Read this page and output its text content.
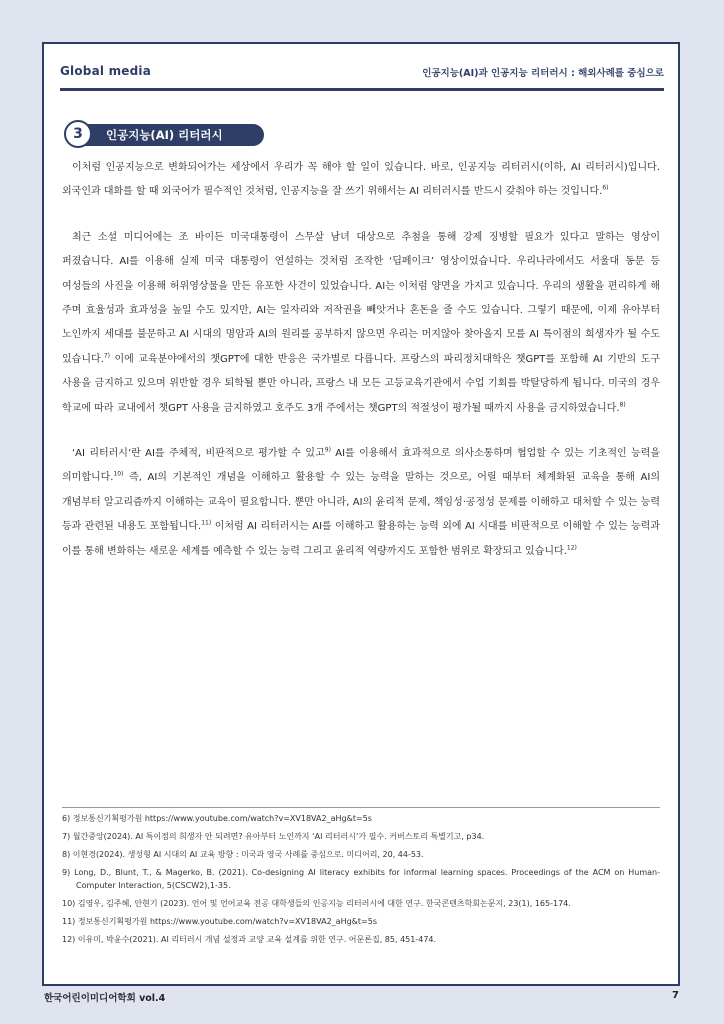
Global media	인공지능(AI)과 인공지능 리터러시 : 해외사례를 중심으로
3	인공지능(AI) 리터러시

이처럼 인공지능으로 변화되어가는 세상에서 우리가 꼭 해야 할 일이 있습니다. 바로, 인공지능 리터러시(이하, AI 리터러시)입니다. 외국인과 대화를 할 때 외국어가 필수적인 것처럼, 인공지능을 잘 쓰기 위해서는 AI 리터러시를 반드시 갖춰야 하는 것입니다.$^{6)}$

최근 소셜 미디어에는 조 바이든 미국대통령이 스무살 남녀 대상으로 추첨을 통해 강제 징병할 필요가 있다고 말하는 영상이 퍼졌습니다. AI를 이용해 실제 미국 대통령이 연설하는 것처럼 조작한 ‘딥페이크’ 영상이었습니다. 우리나라에서도 서울대 동문 등 여성들의 사진을 이용해 허위영상물을 만든 유포한 사건이 있었습니다. AI는 이처럼 양면을 가지고 있습니다. 우리의 생활을 편리하게 해 주며 효율성과 효과성을 높일 수도 있지만, AI는 일자리와 저작권을 빼앗거나 혼돈을 줄 수도 있습니다. 그렇기 때문에, 이제 유아부터 노인까지 세대를 불문하고 AI 시대의 명암과 AI의 원리를 공부하지 않으면 우리는 머지않아 찾아올지 모를 AI 특이점의 희생자가 될 수도 있습니다.$^{7)}$ 이에 교육분야에서의 챗GPT에 대한 반응은 국가별로 다릅니다. 프랑스의 파리정치대학은 챗GPT를 포함해 AI 기반의 도구 사용을 금지하고 있으며 위반할 경우 퇴학될 뿐만 아니라, 프랑스 내 모든 고등교육기관에서 수업 기회를 박탈당하게 됩니다. 미국의 경우 학교에 따라 교내에서 챗GPT 사용을 금지하였고 호주도 3개 주에서는 챗GPT의 적절성이 평가될 때까지 사용을 금지하였습니다.$^{8)}$

‘AI 리터러시’란 AI를 주체적, 비판적으로 평가할 수 있고$^{9)}$ AI를 이용해서 효과적으로 의사소통하며 협업할 수 있는 기초적인 능력을 의미합니다.$^{10)}$ 즉, AI의 기본적인 개념을 이해하고 활용할 수 있는 능력을 말하는 것으로, 어릴 때부터 체계화된 교육을 통해 AI의 개념부터 알고리즘까지 이해하는 교육이 필요합니다. 뿐만 아니라, AI의 윤리적 문제, 책임성·공정성 문제를 이해하고 대처할 수 있는 능력 등과 관련된 내용도 포함됩니다.$^{11)}$ 이처럼 AI 리터러시는 AI를 이해하고 활용하는 능력 외에 AI 시대를 비판적으로 이해할 수 있는 능력과 이를 통해 변화하는 새로운 세계를 예측할 수 있는 능력 그리고 윤리적 역량까지도 포함한 범위로 확장되고 있습니다.$^{12)}$

6) 정보통신기획평가원 https://www.youtube.com/watch?v=XV18VA2_aHg&t=5s

7) 월간중앙(2024). AI 특이점의 희생자 안 되려면? 유아부터 노인까지 ‘AI 리터러시’가 필수. 커버스토리 특별기고, p34.

8) 이현경(2024). 생성형 AI 시대의 AI 교육 방향 : 미국과 영국 사례를 중심으로. 미디어리, 20, 44-53.

9) Long, D., Blunt, T., & Magerko, B. (2021). Co-designing AI literacy exhibits for informal learning spaces. Proceedings of the ACM on Human-Computer Interaction, 5(CSCW2),1-35.

10) 김영우, 김주혜, 안현기 (2023). 언어 및 언어교육 전공 대학생들의 인공지능 리터러시에 대한 연구. 한국콘텐츠학회논문지, 23(1), 165-174.

11) 정보통신기획평가원 https://www.youtube.com/watch?v=XV18VA2_aHg&t=5s

12) 이유미, 박윤수(2021). AI 리터러시 개념 설정과 교양 교육 설계를 위한 연구. 어문론집, 85, 451-474.

한국어린이미디어학회 vol.4	7
